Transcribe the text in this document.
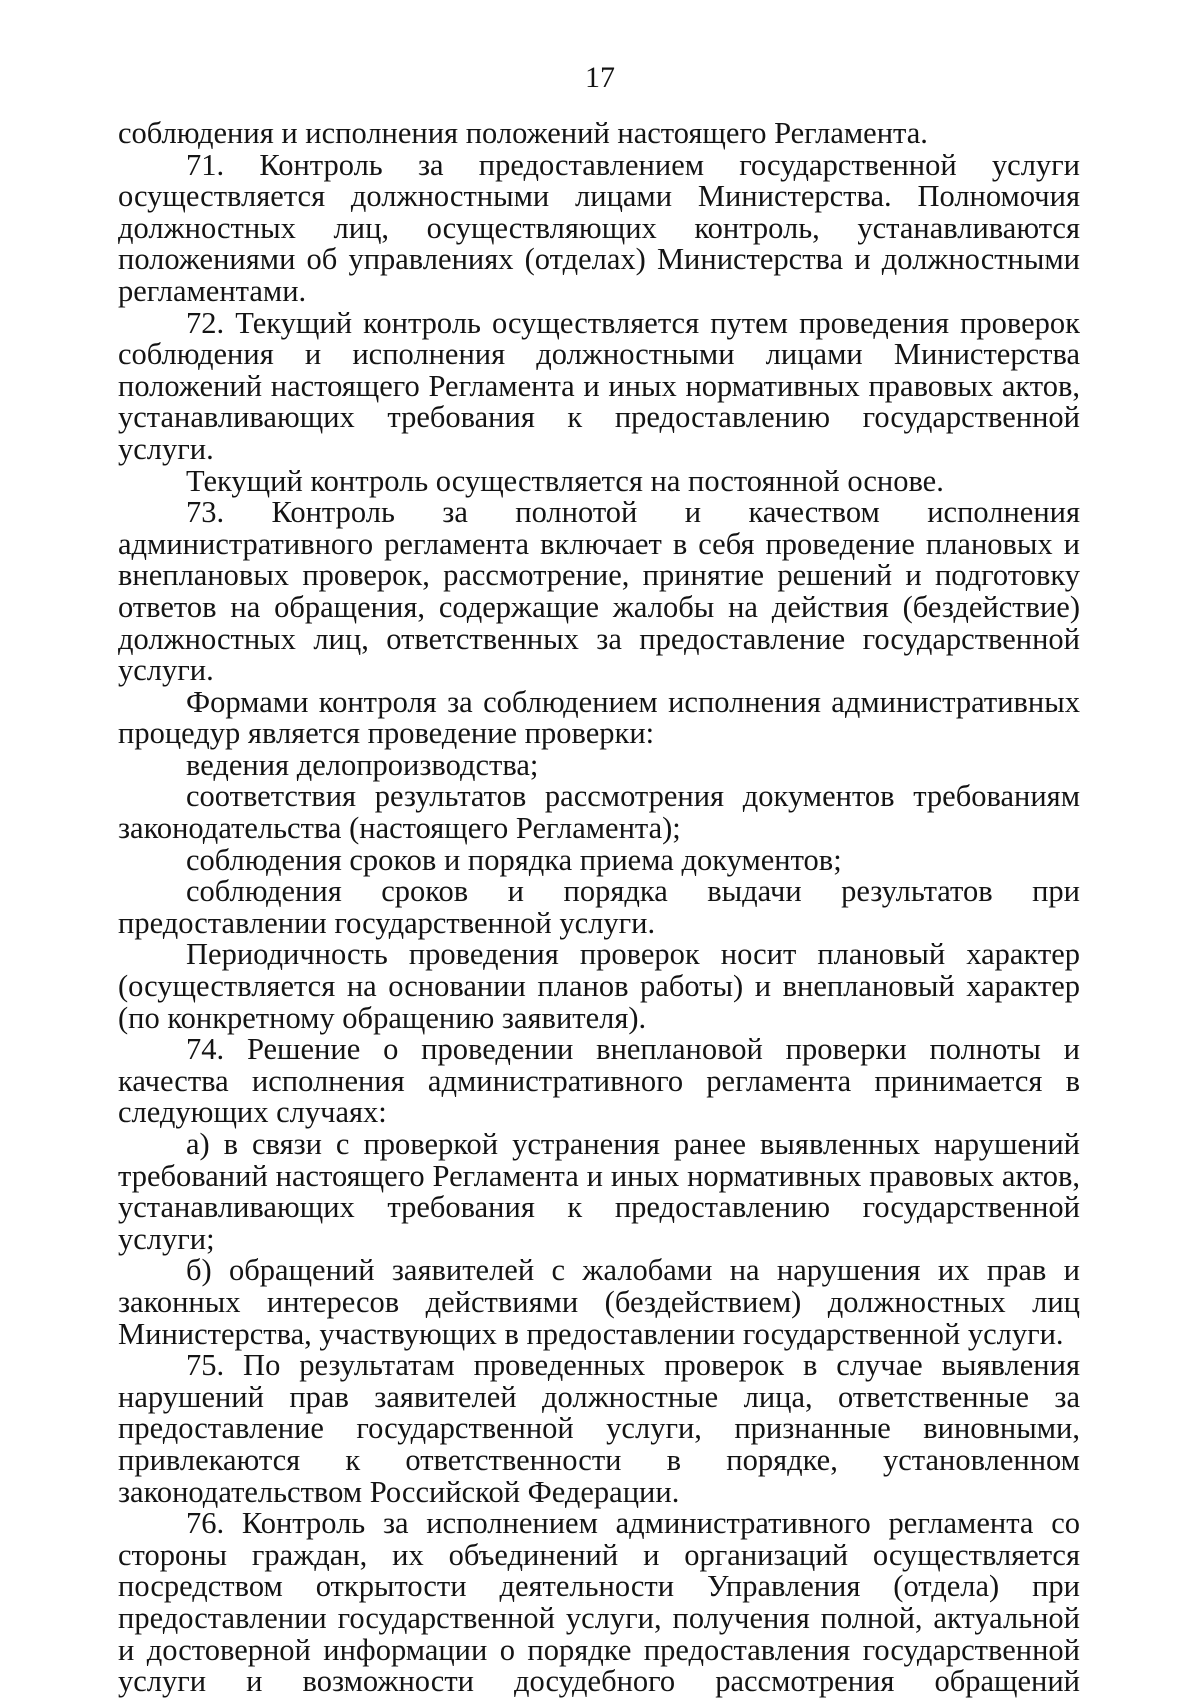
17

соблюдения и исполнения положений настоящего Регламента.

71. Контроль за предоставлением государственной услуги осуществляется должностными лицами Министерства. Полномочия должностных лиц, осуществляющих контроль, устанавливаются положениями об управлениях (отделах) Министерства и должностными регламентами.

72. Текущий контроль осуществляется путем проведения проверок соблюдения и исполнения должностными лицами Министерства положений настоящего Регламента и иных нормативных правовых актов, устанавливающих требования к предоставлению государственной услуги.

Текущий контроль осуществляется на постоянной основе.

73. Контроль за полнотой и качеством исполнения административного регламента включает в себя проведение плановых и внеплановых проверок, рассмотрение, принятие решений и подготовку ответов на обращения, содержащие жалобы на действия (бездействие) должностных лиц, ответственных за предоставление государственной услуги.

Формами контроля за соблюдением исполнения административных процедур является проведение проверки:

ведения делопроизводства;

соответствия результатов рассмотрения документов требованиям законодательства (настоящего Регламента);

соблюдения сроков и порядка приема документов;

соблюдения сроков и порядка выдачи результатов при предоставлении государственной услуги.

Периодичность проведения проверок носит плановый характер (осуществляется на основании планов работы) и внеплановый характер (по конкретному обращению заявителя).

74. Решение о проведении внеплановой проверки полноты и качества исполнения административного регламента принимается в следующих случаях:

а) в связи с проверкой устранения ранее выявленных нарушений требований настоящего Регламента и иных нормативных правовых актов, устанавливающих требования к предоставлению государственной услуги;

б) обращений заявителей с жалобами на нарушения их прав и законных интересов действиями (бездействием) должностных лиц Министерства, участвующих в предоставлении государственной услуги.

75. По результатам проведенных проверок в случае выявления нарушений прав заявителей должностные лица, ответственные за предоставление государственной услуги, признанные виновными, привлекаются к ответственности в порядке, установленном законодательством Российской Федерации.

76. Контроль за исполнением административного регламента со стороны граждан, их объединений и организаций осуществляется посредством открытости деятельности Управления (отдела) при предоставлении государственной услуги, получения полной, актуальной и достоверной информации о порядке предоставления государственной услуги и возможности досудебного рассмотрения обращений
